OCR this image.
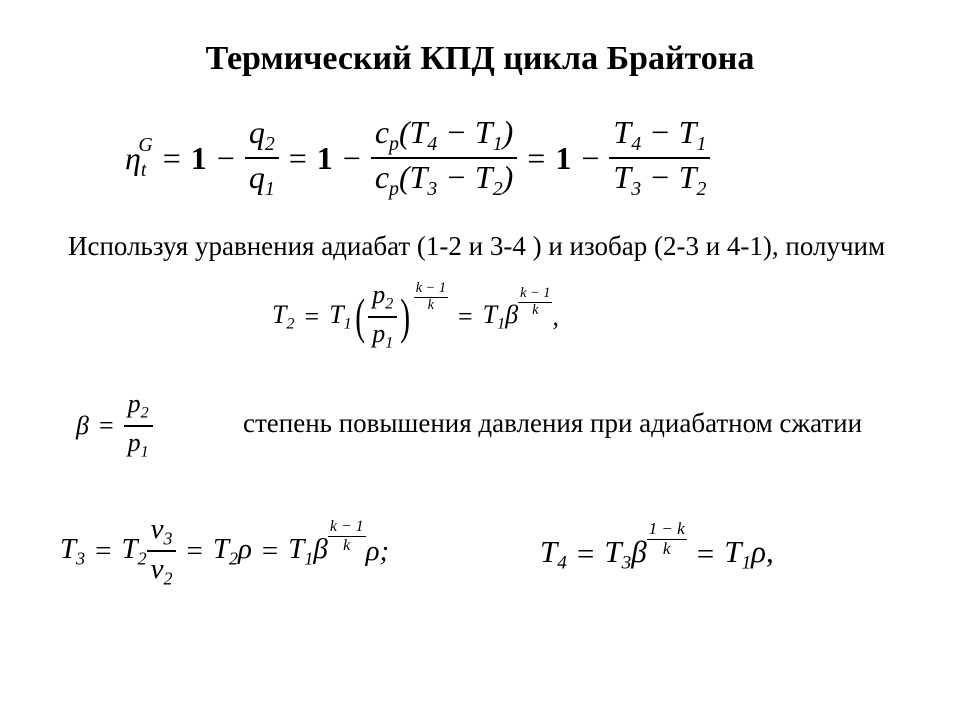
Термический КПД цикла Брайтона
$\eta_t^G = 1 - \frac{q_2}{q_1} = 1 - \frac{c_p(T_4 - T_1)}{c_p(T_3 - T_2)} = 1 - \frac{T_4 - T_1}{T_3 - T_2}$
Используя уравнения адиабат (1-2 и 3-4 ) и изобар (2-3 и 4-1), получим
$T_2 = T_1$ ( $\frac{p_2}{p_1}$ ) $\frac{k - 1}{k}$
= $T_1\beta$
k − 1
k ,
$\beta = \frac{p_2}{p_1}$	степень повышения давления при адиабатном сжатии
$T_3 = T_2 \frac{v_3}{v_2} = T_2\rho = T_1\beta$
k − 1
k ρ;	$T_4 = T_3\beta \frac{1 - k}{k} = T_1\rho$,
